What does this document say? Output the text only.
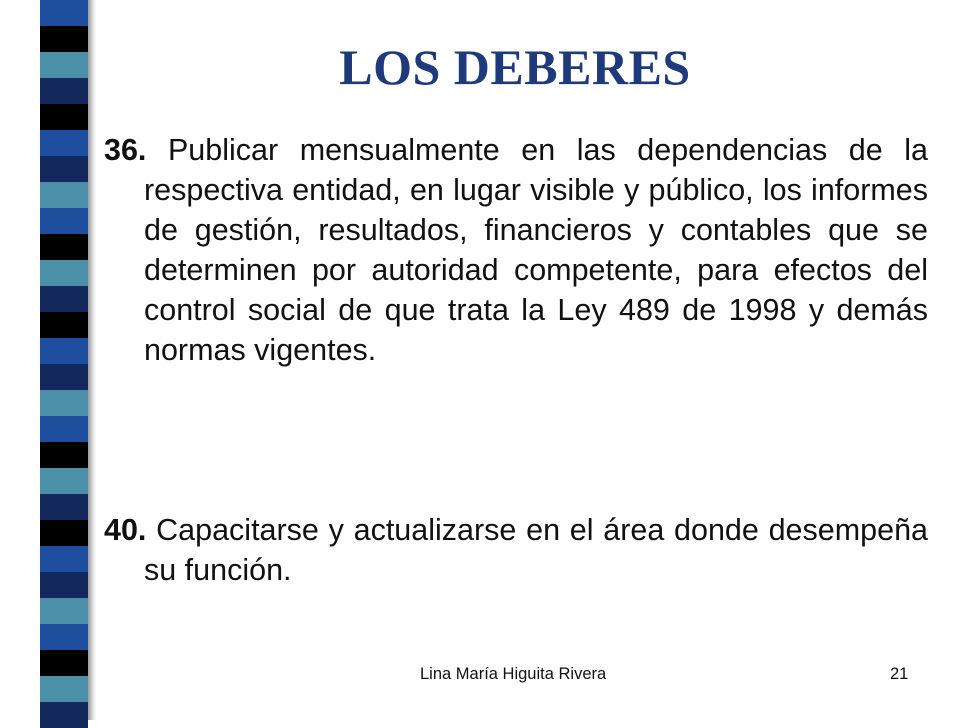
LOS DEBERES

36. Publicar mensualmente en las dependencias de la respectiva entidad, en lugar visible y público, los informes de gestión, resultados, financieros y contables que se determinen por autoridad competente, para efectos del control social de que trata la Ley 489 de 1998 y demás normas vigentes.

40. Capacitarse y actualizarse en el área donde desempeña su función.

Lina María Higuita Rivera	21
